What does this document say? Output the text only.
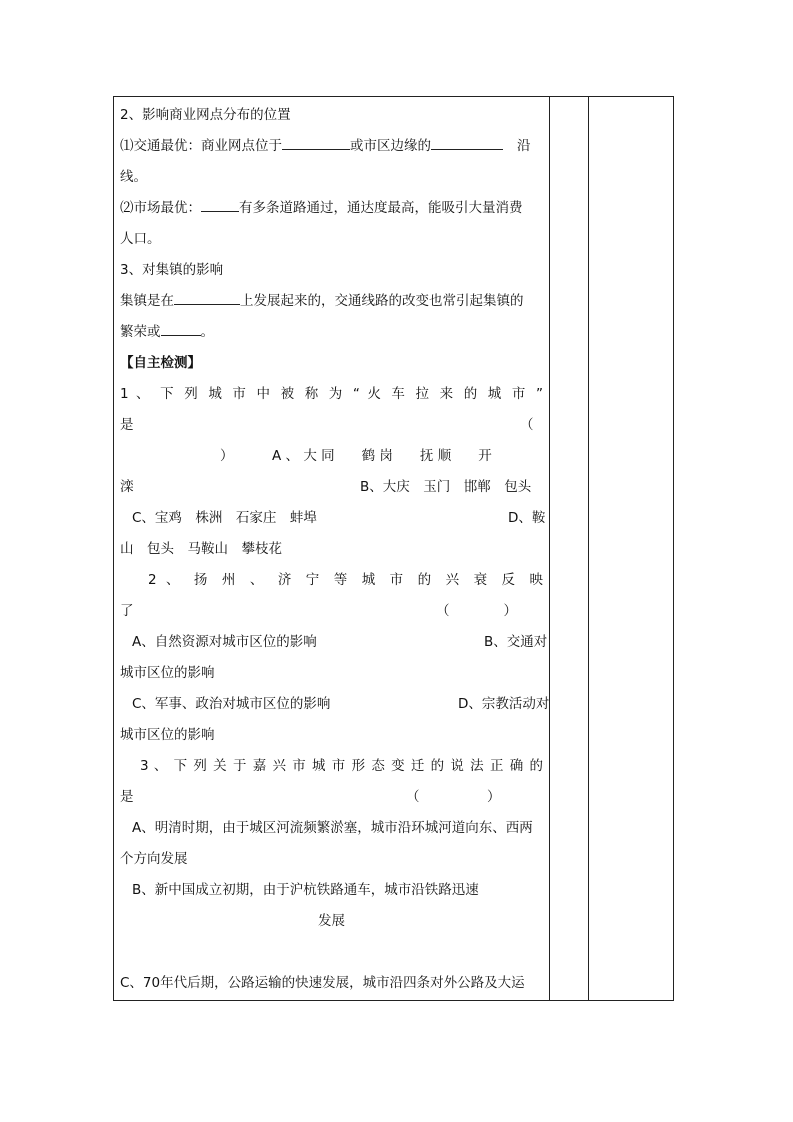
2、影响商业网点分布的位置
⑴交通最优：商业网点位于	或市区边缘的	沿
线。
⑵市场最优：	有多条道路通过，通达度最高，能吸引大量消费
人口。
3、对集镇的影响
集镇是在	上发展起来的，交通线路的改变也常引起集镇的
繁荣或	。
【自主检测】
1 、 下 列 城 市 中 被 称 为 “ 火 车 拉 来 的 城 市 ”
是	（
）	A 、 大 同　　鹤 岗　　抚 顺　　开
滦	B、大庆　玉门　邯郸　包头
C、宝鸡　株洲　石家庄　蚌埠	D、鞍
山　包头　马鞍山　攀枝花
2 、 扬 州 、 济 宁 等 城 市 的 兴 衰 反 映
了	（　　　　）
A、自然资源对城市区位的影响	B、交通对
城市区位的影响
C、军事、政治对城市区位的影响	D、宗教活动对
城市区位的影响
3 、 下 列 关 于 嘉 兴 市 城 市 形 态 变 迁 的 说 法 正 确 的
是	（　　　　　）
A、明清时期，由于城区河流频繁淤塞，城市沿环城河道向东、西两
个方向发展
B、新中国成立初期，由于沪杭铁路通车，城市沿铁路迅速
发展
C、70年代后期，公路运输的快速发展，城市沿四条对外公路及大运
